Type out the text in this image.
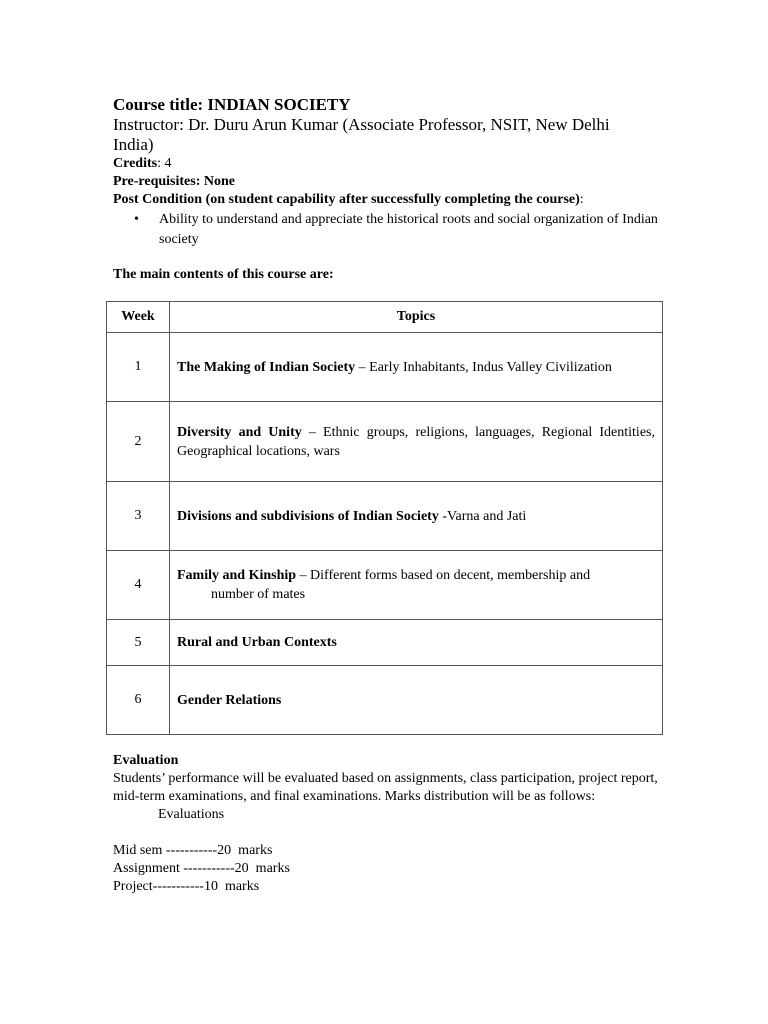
Course title: INDIAN SOCIETY
Instructor: Dr. Duru Arun Kumar (Associate Professor, NSIT, New Delhi India)
Credits: 4
Pre-requisites: None
Post Condition (on student capability after successfully completing the course):
• Ability to understand and appreciate the historical roots and social organization of Indian society
The main contents of this course are:
Week	Topics
1	The Making of Indian Society – Early Inhabitants, Indus Valley Civilization
2	Diversity and Unity – Ethnic groups, religions, languages, Regional Identities, Geographical locations, wars
3	Divisions and subdivisions of Indian Society -Varna and Jati
4	Family and Kinship – Different forms based on decent, membership and
number of mates

5	Rural and Urban Contexts
6	Gender Relations

Evaluation

Students’ performance will be evaluated based on assignments, class participation, project report, mid-term examinations, and final examinations. Marks distribution will be as follows:

Evaluations

Mid sem -----------20  marks

Assignment -----------20  marks

Project-----------10  marks
